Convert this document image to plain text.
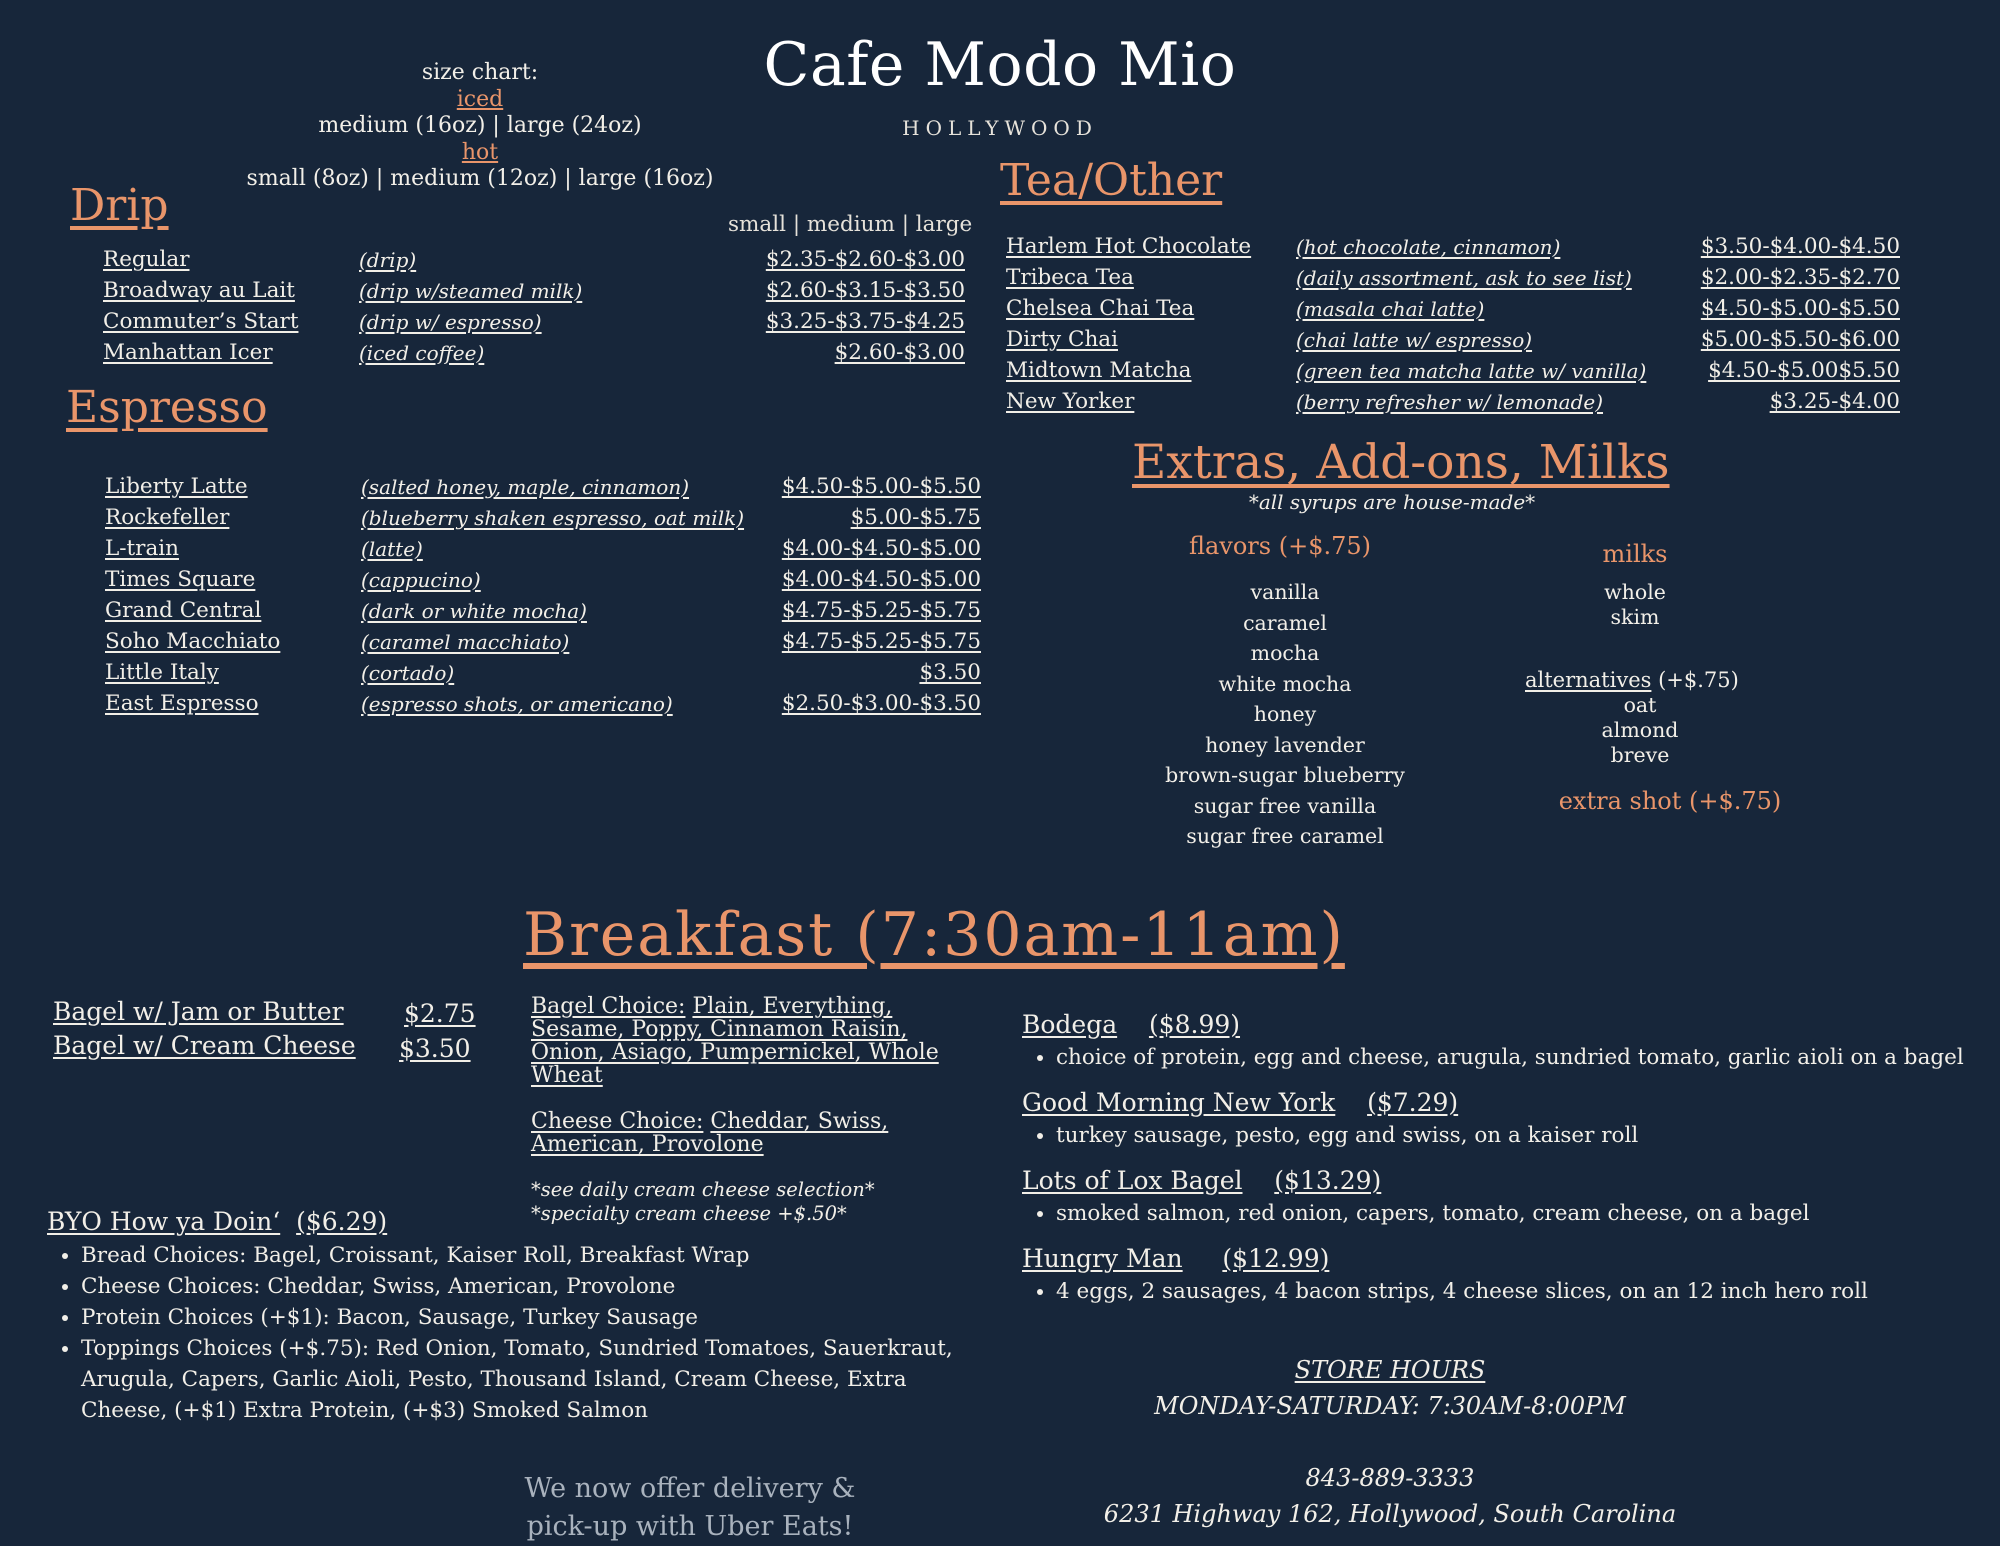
Cafe Modo Mio
HOLLYWOOD
size chart:
iced
medium (16oz) | large (24oz)
hot
small (8oz) | medium (12oz) | large (16oz)
Drip	small | medium | large
Regular	(drip)	$2.35-$2.60-$3.00
Broadway au Lait	(drip w/steamed milk)	$2.60-$3.15-$3.50
Commuter’s Start	(drip w/ espresso)	$3.25-$3.75-$4.25
Manhattan Icer	(iced coffee)	$2.60-$3.00
Espresso
Liberty Latte	(salted honey, maple, cinnamon)	$4.50-$5.00-$5.50
Rockefeller	(blueberry shaken espresso, oat milk)	$5.00-$5.75
L-train	(latte)	$4.00-$4.50-$5.00
Times Square	(cappucino)	$4.00-$4.50-$5.00
Grand Central	(dark or white mocha)	$4.75-$5.25-$5.75
Soho Macchiato	(caramel macchiato)	$4.75-$5.25-$5.75
Little Italy	(cortado)	$3.50
East Espresso	(espresso shots, or americano)	$2.50-$3.00-$3.50
Tea/Other
Harlem Hot Chocolate	(hot chocolate, cinnamon)	$3.50-$4.00-$4.50
Tribeca Tea	(daily assortment, ask to see list)	$2.00-$2.35-$2.70
Chelsea Chai Tea	(masala chai latte)	$4.50-$5.00-$5.50
Dirty Chai	(chai latte w/ espresso)	$5.00-$5.50-$6.00
Midtown Matcha	(green tea matcha latte w/ vanilla)	$4.50-$5.00$5.50
New Yorker	(berry refresher w/ lemonade)	$3.25-$4.00
Extras, Add-ons, Milks
*all syrups are house-made*
flavors (+$.75)
vanilla
caramel
mocha
white mocha
honey
honey lavender
brown-sugar blueberry
sugar free vanilla
sugar free caramel
milks
whole
skim
alternatives (+$.75)
oat
almond
breve
extra shot (+$.75)
Breakfast (7:30am-11am)
Bagel w/ Jam or Butter $2.75
Bagel w/ Cream Cheese $3.50
Bagel Choice: Plain, Everything, Sesame, Poppy, Cinnamon Raisin, Onion, Asiago, Pumpernickel, Whole Wheat
Cheese Choice: Cheddar, Swiss, American, Provolone
*see daily cream cheese selection*
*specialty cream cheese +$.50*
BYO How ya Doin‘ ($6.29)
• Bread Choices: Bagel, Croissant, Kaiser Roll, Breakfast Wrap
• Cheese Choices: Cheddar, Swiss, American, Provolone
• Protein Choices (+$1): Bacon, Sausage, Turkey Sausage
• Toppings Choices (+$.75): Red Onion, Tomato, Sundried Tomatoes, Sauerkraut, Arugula, Capers, Garlic Aioli, Pesto, Thousand Island, Cream Cheese, Extra Cheese, (+$1) Extra Protein, (+$3) Smoked Salmon
Bodega ($8.99)
• choice of protein, egg and cheese, arugula, sundried tomato, garlic aioli on a bagel
Good Morning New York ($7.29)
• turkey sausage, pesto, egg and swiss, on a kaiser roll
Lots of Lox Bagel ($13.29)
• smoked salmon, red onion, capers, tomato, cream cheese, on a bagel
Hungry Man ($12.99)
• 4 eggs, 2 sausages, 4 bacon strips, 4 cheese slices, on an 12 inch hero roll
STORE HOURS
MONDAY-SATURDAY: 7:30AM-8:00PM
843-889-3333
6231 Highway 162, Hollywood, South Carolina
We now offer delivery &
pick-up with Uber Eats!
